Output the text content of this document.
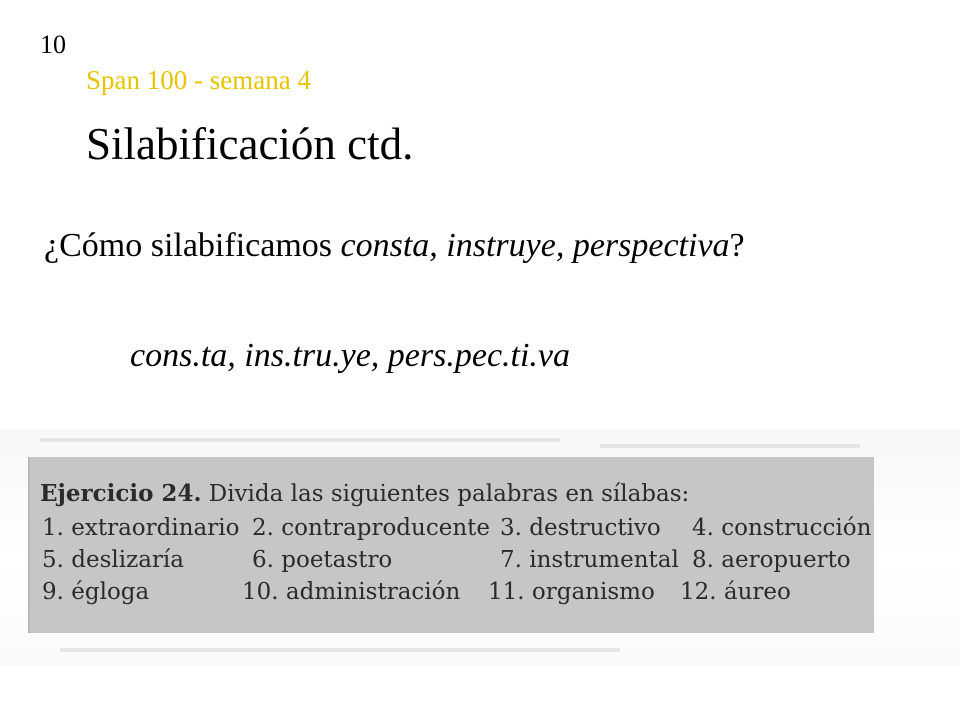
10
Span 100 - semana 4
Silabificación ctd.
¿Cómo silabificamos consta, instruye, perspectiva?
cons.ta, ins.tru.ye, pers.pec.ti.va
Ejercicio 24. Divida las siguientes palabras en sílabas:
1. extraordinario 2. contraproducente 3. destructivo 4. construcción
5. deslizaría	6. poetastro	7. instrumental 8. aeropuerto
9. égloga	10. administración 11. organismo 12. áureo
